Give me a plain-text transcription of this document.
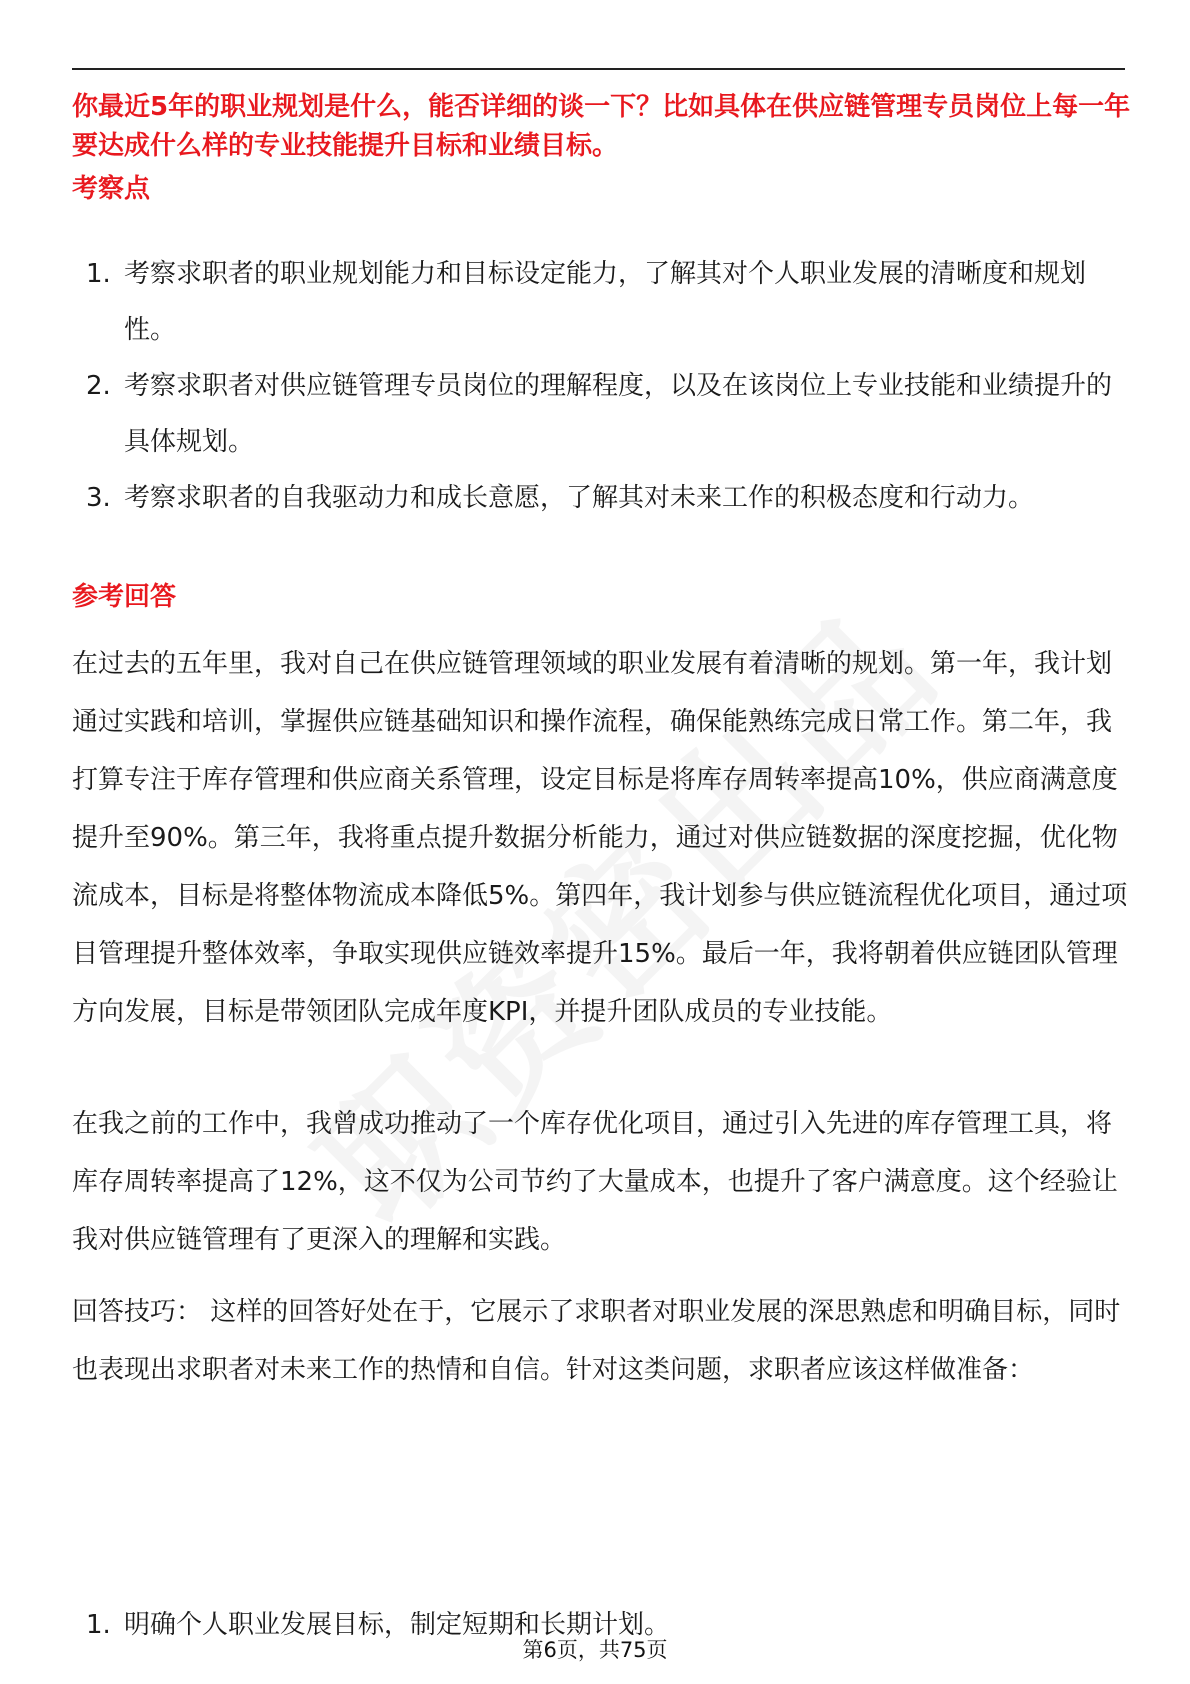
你最近5年的职业规划是什么，能否详细的谈一下？比如具体在供应链管理专员岗位上每一年要达成什么样的专业技能提升目标和业绩目标。

考察点

1. 考察求职者的职业规划能力和目标设定能力，了解其对个人职业发展的清晰度和规划性。
2. 考察求职者对供应链管理专员岗位的理解程度，以及在该岗位上专业技能和业绩提升的具体规划。
3. 考察求职者的自我驱动力和成长意愿，了解其对未来工作的积极态度和行动力。

参考回答

在过去的五年里，我对自己在供应链管理领域的职业发展有着清晰的规划。第一年，我计划通过实践和培训，掌握供应链基础知识和操作流程，确保能熟练完成日常工作。第二年，我打算专注于库存管理和供应商关系管理，设定目标是将库存周转率提高10%，供应商满意度提升至90%。第三年，我将重点提升数据分析能力，通过对供应链数据的深度挖掘，优化物流成本，目标是将整体物流成本降低5%。第四年，我计划参与供应链流程优化项目，通过项目管理提升整体效率，争取实现供应链效率提升15%。最后一年，我将朝着供应链团队管理方向发展，目标是带领团队完成年度KPI，并提升团队成员的专业技能。

在我之前的工作中，我曾成功推动了一个库存优化项目，通过引入先进的库存管理工具，将库存周转率提高了12%，这不仅为公司节约了大量成本，也提升了客户满意度。这个经验让我对供应链管理有了更深入的理解和实践。

回答技巧： 这样的回答好处在于，它展示了求职者对职业发展的深思熟虑和明确目标，同时也表现出求职者对未来工作的热情和自信。针对这类问题，求职者应该这样做准备：

1. 明确个人职业发展目标，制定短期和长期计划。
第6页，共75页
